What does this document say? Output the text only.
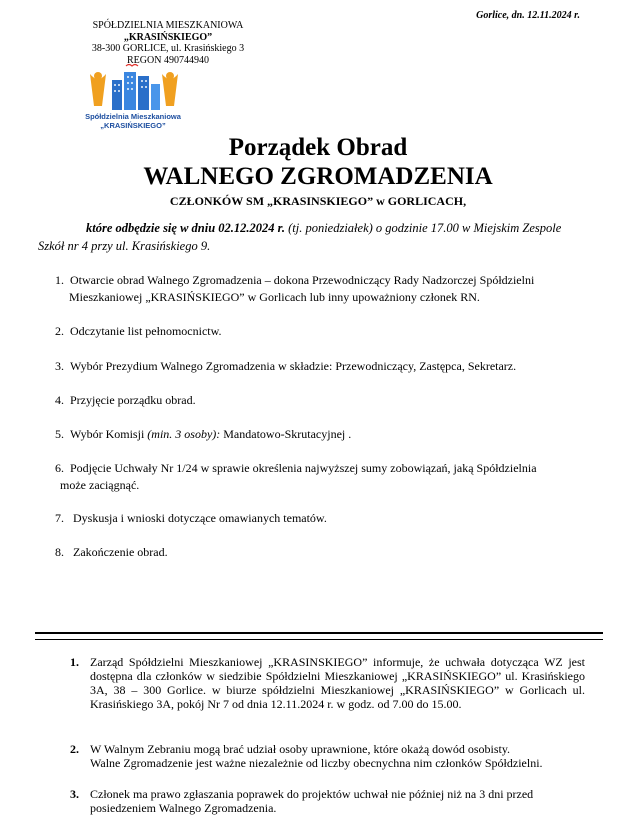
SPÓŁDZIELNIA MIESZKANIOWA
„KRASIŃSKIEGO”
38-300 GORLICE, ul. Krasińskiego 3
REGON 490744940
Gorlice, dn. 12.11.2024 r.
Spółdzielnia Mieszkaniowa
„KRASIŃSKIEGO”
Porządek Obrad
WALNEGO ZGROMADZENIA
CZŁONKÓW SM „KRASINSKIEGO” w GORLICACH,
które odbędzie się w dniu 02.12.2024 r. (tj. poniedziałek) o godzinie 17.00 w Miejskim Zespole Szkół nr 4 przy ul. Krasińskiego 9.
1. Otwarcie obrad Walnego Zgromadzenia – dokona Przewodniczący Rady Nadzorczej Spółdzielni
Mieszkaniowej „KRASIŃSKIEGO” w Gorlicach lub inny upoważniony członek RN.
2. Odczytanie list pełnomocnictw.
3. Wybór Prezydium Walnego Zgromadzenia w składzie: Przewodniczący, Zastępca, Sekretarz.
4. Przyjęcie porządku obrad.
5. Wybór Komisji (min. 3 osoby): Mandatowo-Skrutacyjnej .
6. Podjęcie Uchwały Nr 1/24 w sprawie określenia najwyższej sumy zobowiązań, jaką Spółdzielnia
może zaciągnąć.
7. Dyskusja i wnioski dotyczące omawianych tematów.
8. Zakończenie obrad.
1. Zarząd Spółdzielni Mieszkaniowej „KRASINSKIEGO” informuje, że uchwała dotycząca WZ jest dostępna dla członków w siedzibie Spółdzielni Mieszkaniowej „KRASIŃSKIEGO” ul. Krasińskiego 3A, 38 – 300 Gorlice. w biurze spółdzielni Mieszkaniowej „KRASIŃSKIEGO” w Gorlicach ul. Krasińskiego 3A, pokój Nr 7 od dnia 12.11.2024 r. w godz. od 7.00 do 15.00.
2. W Walnym Zebraniu mogą brać udział osoby uprawnione, które okażą dowód osobisty.
Walne Zgromadzenie jest ważne niezależnie od liczby obecnychna nim członków Spółdzielni.
3. Członek ma prawo zgłaszania poprawek do projektów uchwał nie później niż na 3 dni przed posiedzeniem Walnego Zgromadzenia.
